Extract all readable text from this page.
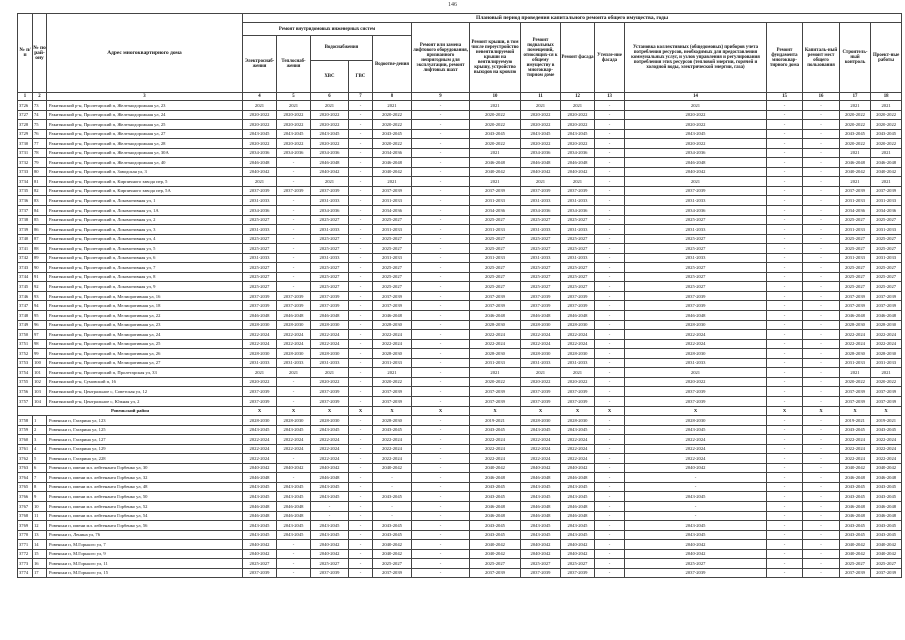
146
№ п/п	№ по рай-ону	Адрес многоквартирного дома	Плановый период проведения капитального ремонта общего имущества, годы														
			Ремонт внутридомовых инженерных систем					Ремонт или замена лифтового оборудования, признанного непригодным для эксплуатации, ремонт лифтовых шахт	Ремонт крыши, в том числе переустройство невентилируемой крыши на вентилируемую крышу, устройство выходов на кровлю	Ремонт подвальных помещений, относящих-ся к общему имуществу в многоквар-тирном доме	Ремонт фасада	Утепле-ние фасада	Установка коллективных (общедомовых) приборов учета потребления ресурсов, необходимых для предоставления коммунальных услуг, и узлов управления и регулирования потребления этих ресурсов (тепловой энергии, горячей и холодной воды, электрической энергии, газа)	Ремонт фундамента многоквар-тирного дома	Капиталь-ный ремонт мест общего пользования	Строитель-ный контроль	Проект-ные работы
			Электроснаб-жения	Теплоснаб-жения	Водоснабжения
ХВС ГВС		Водоотве-дения										
1	2	3	4	5	6	7	8	9	10	11	12	13	14	15	16	17	18
3726	73	Ракитянский р-н, Пролетарский п, Железнодорожная ул, 23	2021	2021	2021	-	2021	-	2021	2021	2021	-	2021	-	-	2021	2021
3727	74	Ракитянский р-н, Пролетарский п, Железнодорожная ул, 24	2020-2022	2020-2022	2020-2022	-	2020-2022	-	2020-2022	2020-2022	2020-2022	-	2020-2022	-	-	2020-2022	2020-2022
3728	75	Ракитянский р-н, Пролетарский п, Железнодорожная ул, 25	2020-2022	2020-2022	2020-2022	-	2020-2022	-	2020-2022	2020-2022	2020-2022	-	2020-2022	-	-	2020-2022	2020-2022
3729	76	Ракитянский р-н, Пролетарский п, Железнодорожная ул, 27	2043-2045	2043-2045	2043-2045	-	2043-2045	-	2043-2045	2043-2045	2043-2045	-	2043-2045	-	-	2043-2045	2043-2045
3730	77	Ракитянский р-н, Пролетарский п, Железнодорожная ул, 28	2020-2022	2020-2022	2020-2022	-	2020-2022	-	2020-2022	2020-2022	2020-2022	-	2020-2022	-	-	2020-2022	2020-2022
3731	78	Ракитянский р-н, Пролетарский п, Железнодорожная ул, 30А	2034-2036	2034-2036	2034-2036	-	2034-2036	-	2021	2034-2036	2034-2036	-	2034-2036	-	-	2021	2021
3732	79	Ракитянский р-н, Пролетарский п, Железнодорожная ул, 40	2046-2048	-	2046-2048	-	2046-2048	-	2046-2048	2046-2048	2046-2048	-	2046-2048	-	-	2046-2048	2046-2048
3733	80	Ракитянский р-н, Пролетарский п, Заводская ул, 3	2040-2042	-	2040-2042	-	2040-2042	-	2040-2042	2040-2042	2040-2042	-	2040-2042	-	-	2040-2042	2040-2042
3734	81	Ракитянский р-н, Пролетарский п, Кирпичного завода пер, 5	2021	-	2021	-	2021	-	2021	2021	2021	-	2021	-	-	2021	2021
3735	82	Ракитянский р-н, Пролетарский п, Кирпичного завода пер, 5А	2037-2039	2037-2039	2037-2039	-	2037-2039	-	2037-2039	2037-2039	2037-2039	-	2037-2039	-	-	2037-2039	2037-2039
3736	83	Ракитянский р-н, Пролетарский п, Локомотивная ул, 1	2031-2033	-	2031-2033	-	2031-2033	-	2031-2033	2031-2033	2031-2033	-	2031-2033	-	-	2031-2033	2031-2033
3737	84	Ракитянский р-н, Пролетарский п, Локомотивная ул, 1А	2034-2036	-	2034-2036	-	2034-2036	-	2034-2036	2034-2036	2034-2036	-	2034-2036	-	-	2034-2036	2034-2036
3738	85	Ракитянский р-н, Пролетарский п, Локомотивная ул, 2	2025-2027	-	2025-2027	-	2025-2027	-	2025-2027	2025-2027	2025-2027	-	2025-2027	-	-	2025-2027	2025-2027
3739	86	Ракитянский р-н, Пролетарский п, Локомотивная ул, 3	2031-2033	-	2031-2033	-	2031-2033	-	2031-2033	2031-2033	2031-2033	-	2031-2033	-	-	2031-2033	2031-2033
3740	87	Ракитянский р-н, Пролетарский п, Локомотивная ул, 4	2025-2027	-	2025-2027	-	2025-2027	-	2025-2027	2025-2027	2025-2027	-	2025-2027	-	-	2025-2027	2025-2027
3741	88	Ракитянский р-н, Пролетарский п, Локомотивная ул, 5	2025-2027	-	2025-2027	-	2025-2027	-	2025-2027	2025-2027	2025-2027	-	2025-2027	-	-	2025-2027	2025-2027
3742	89	Ракитянский р-н, Пролетарский п, Локомотивная ул, 6	2031-2033	-	2031-2033	-	2031-2033	-	2031-2033	2031-2033	2031-2033	-	2031-2033	-	-	2031-2033	2031-2033
3743	90	Ракитянский р-н, Пролетарский п, Локомотивная ул, 7	2025-2027	-	2025-2027	-	2025-2027	-	2025-2027	2025-2027	2025-2027	-	2025-2027	-	-	2025-2027	2025-2027
3744	91	Ракитянский р-н, Пролетарский п, Локомотивная ул, 8	2025-2027	-	2025-2027	-	2025-2027	-	2025-2027	2025-2027	2025-2027	-	2025-2027	-	-	2025-2027	2025-2027
3745	92	Ракитянский р-н, Пролетарский п, Локомотивная ул, 9	2025-2027	-	2025-2027	-	2025-2027	-	2025-2027	2025-2027	2025-2027	-	2025-2027	-	-	2025-2027	2025-2027
3746	93	Ракитянский р-н, Пролетарский п, Мелиоративная ул, 16	2037-2039	2037-2039	2037-2039	-	2037-2039	-	2037-2039	2037-2039	2037-2039	-	2037-2039	-	-	2037-2039	2037-2039
3747	94	Ракитянский р-н, Пролетарский п, Мелиоративная ул, 18	2037-2039	2037-2039	2037-2039	-	2037-2039	-	2037-2039	2037-2039	2037-2039	-	2037-2039	-	-	2037-2039	2037-2039
3748	95	Ракитянский р-н, Пролетарский п, Мелиоративная ул, 22	2046-2048	2046-2048	2046-2048	-	2046-2048	-	2046-2048	2046-2048	2046-2048	-	2046-2048	-	-	2046-2048	2046-2048
3749	96	Ракитянский р-н, Пролетарский п, Мелиоративная ул, 23	2028-2030	2028-2030	2028-2030	-	2028-2030	-	2028-2030	2028-2030	2028-2030	-	2028-2030	-	-	2028-2030	2028-2030
3750	97	Ракитянский р-н, Пролетарский п, Мелиоративная ул, 24	2022-2024	2022-2024	2022-2024	-	2022-2024	-	2022-2024	2022-2024	2022-2024	-	2022-2024	-	-	2022-2024	2022-2024
3751	98	Ракитянский р-н, Пролетарский п, Мелиоративная ул, 25	2022-2024	2022-2024	2022-2024	-	2022-2024	-	2022-2024	2022-2024	2022-2024	-	2022-2024	-	-	2022-2024	2022-2024
3752	99	Ракитянский р-н, Пролетарский п, Мелиоративная ул, 26	2028-2030	2028-2030	2028-2030	-	2028-2030	-	2028-2030	2028-2030	2028-2030	-	2028-2030	-	-	2028-2030	2028-2030
3753	100	Ракитянский р-н, Пролетарский п, Мелиоративная ул, 27	2031-2033	2031-2033	2031-2033	-	2031-2033	-	2031-2033	2031-2033	2031-2033	-	2031-2033	-	-	2031-2033	2031-2033
3754	101	Ракитянский р-н, Пролетарский п, Пролетарская ул, 33	2021	2021	2021	-	2021	-	2021	2021	2021	-	2021	-	-	2021	2021
3755	102	Ракитянский р-н, Сумовский п, 16	2020-2022	-	2020-2022	-	2020-2022	-	2020-2022	2020-2022	2020-2022	-	2020-2022	-	-	2020-2022	2020-2022
3756	103	Ракитянский р-н, Центральное с, Советская ул, 12	2037-2039	-	2037-2039	-	2037-2039	-	2037-2039	2037-2039	2037-2039	-	2037-2039	-	-	2037-2039	2037-2039
3757	104	Ракитянский р-н, Центральное с, Южная ул, 2	2037-2039	-	2037-2039	-	2037-2039	-	2037-2039	2037-2039	2037-2039	-	2037-2039	-	-	2037-2039	2037-2039
Ровеньский район			X	X	X	X	X	X	X	X	X	X	X	X	X	X	X
3758	1	Ровеньки п, Гагарина ул, 123	2028-2030	2028-2030	2028-2030	-	2028-2030	-	2019-2021	2028-2030	2028-2030	-	2028-2030	-	-	2019-2021	2019-2021
3759	2	Ровеньки п, Гагарина ул, 125	2043-2045	2043-2045	2043-2045	-	2043-2045	-	2043-2045	2043-2045	2043-2045	-	2043-2045	-	-	2043-2045	2043-2045
3760	3	Ровеньки п, Гагарина ул, 127	2022-2024	2022-2024	2022-2024	-	2022-2024	-	2022-2024	2022-2024	2022-2024	-	2022-2024	-	-	2022-2024	2022-2024
3761	4	Ровеньки п, Гагарина ул, 129	2022-2024	2022-2024	2022-2024	-	2022-2024	-	2022-2024	2022-2024	2022-2024	-	2022-2024	-	-	2022-2024	2022-2024
3762	5	Ровеньки п, Гагарина ул, 228	2022-2024	-	2022-2024	-	2022-2024	-	2022-2024	2022-2024	2022-2024	-	2022-2024	-	-	2022-2024	2022-2024
3763	6	Ровеньки п, имени мл. лейтенанта Горбенко ул, 30	2040-2042	2040-2042	2040-2042	-	2040-2042	-	2040-2042	2040-2042	2040-2042	-	2040-2042	-	-	2040-2042	2040-2042
3764	7	Ровеньки п, имени мл. лейтенанта Горбенко ул, 32	2046-2048	-	2046-2048	-	-	-	2046-2048	2046-2048	2046-2048	-	-	-	-	2046-2048	2046-2048
3765	8	Ровеньки п, имени мл. лейтенанта Горбенко ул, 48	2043-2045	2043-2045	2043-2045	-	-	-	2043-2045	2043-2045	2043-2045	-	-	-	-	2043-2045	2043-2045
3766	9	Ровеньки п, имени мл. лейтенанта Горбенко ул, 50	2043-2045	2043-2045	2043-2045	-	2043-2045	-	2043-2045	2043-2045	2043-2045	-	2043-2045	-	-	2043-2045	2043-2045
3767	10	Ровеньки п, имени мл. лейтенанта Горбенко ул, 52	2046-2048	2046-2048	-	-	-	-	2046-2048	2046-2048	2046-2048	-	-	-	-	2046-2048	2046-2048
3768	11	Ровеньки п, имени мл. лейтенанта Горбенко ул, 54	2046-2048	2046-2048	-	-	-	-	2046-2048	2046-2048	2046-2048	-	-	-	-	2046-2048	2046-2048
3769	12	Ровеньки п, имени мл. лейтенанта Горбенко ул, 56	2043-2045	2043-2045	2043-2045	-	2043-2045	-	2043-2045	2043-2045	2043-2045	-	2043-2045	-	-	2043-2045	2043-2045
3770	13	Ровеньки п, Ленина ул, 76	2043-2045	2043-2045	2043-2045	-	2043-2045	-	2043-2045	2043-2045	2043-2045	-	2043-2045	-	-	2043-2045	2043-2045
3771	14	Ровеньки п, М.Горького ул, 7	2040-2042	-	2040-2042	-	2040-2042	-	2040-2042	2040-2042	2040-2042	-	2040-2042	-	-	2040-2042	2040-2042
3772	15	Ровеньки п, М.Горького ул, 9	2040-2042	-	2040-2042	-	2040-2042	-	2040-2042	2040-2042	2040-2042	-	2040-2042	-	-	2040-2042	2040-2042
3773	16	Ровеньки п, М.Горького ул, 11	2025-2027	-	2025-2027	-	2025-2027	-	2025-2027	2025-2027	2025-2027	-	2025-2027	-	-	2025-2027	2025-2027
3774	17	Ровеньки п, М.Горького ул, 15	2037-2039	-	2037-2039	-	2037-2039	-	2037-2039	2037-2039	2037-2039	-	2037-2039	-	-	2037-2039	2037-2039
